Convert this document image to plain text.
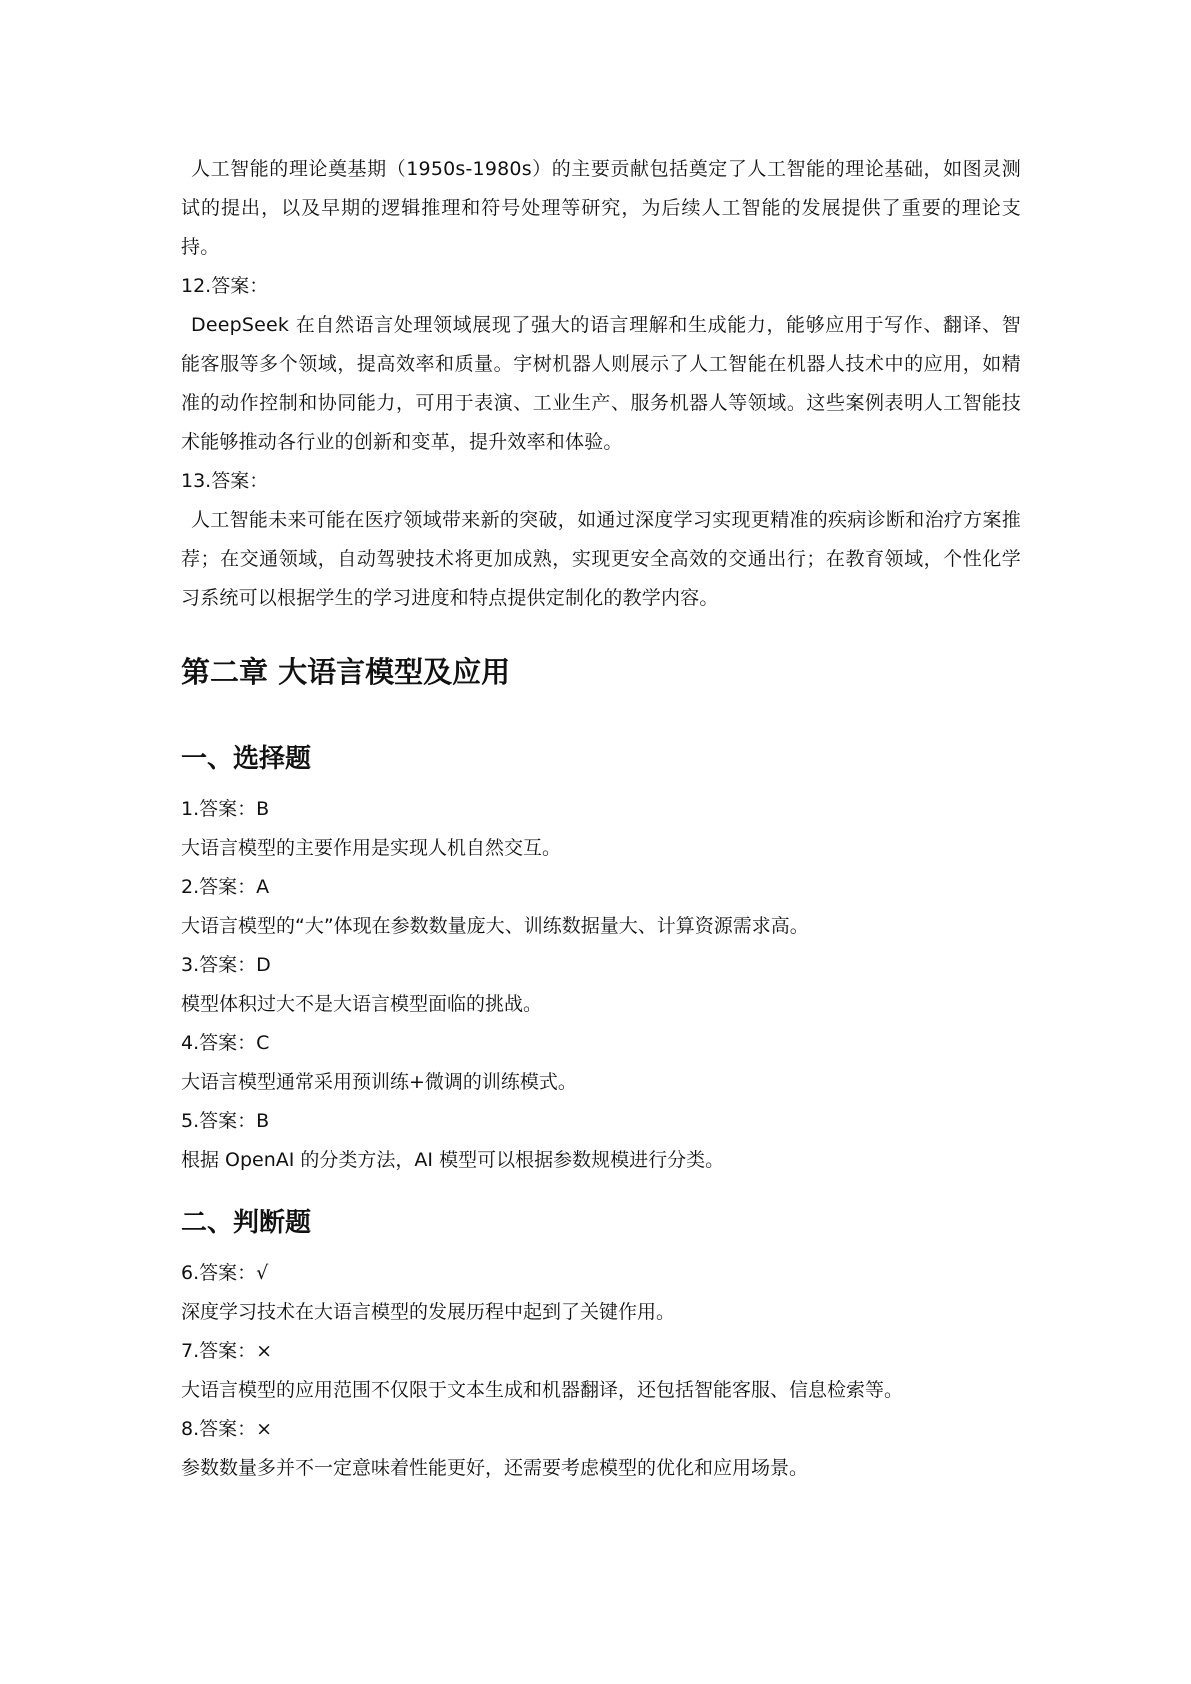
人工智能的理论奠基期（1950s-1980s）的主要贡献包括奠定了人工智能的理论基础，如图灵测试的提出，以及早期的逻辑推理和符号处理等研究，为后续人工智能的发展提供了重要的理论支持。

12.答案：

DeepSeek 在自然语言处理领域展现了强大的语言理解和生成能力，能够应用于写作、翻译、智能客服等多个领域，提高效率和质量。宇树机器人则展示了人工智能在机器人技术中的应用，如精准的动作控制和协同能力，可用于表演、工业生产、服务机器人等领域。这些案例表明人工智能技术能够推动各行业的创新和变革，提升效率和体验。

13.答案：

人工智能未来可能在医疗领域带来新的突破，如通过深度学习实现更精准的疾病诊断和治疗方案推荐；在交通领域，自动驾驶技术将更加成熟，实现更安全高效的交通出行；在教育领域，个性化学习系统可以根据学生的学习进度和特点提供定制化的教学内容。

第二章 大语言模型及应用
一、选择题

1.答案：B

大语言模型的主要作用是实现人机自然交互。

2.答案：A

大语言模型的“大”体现在参数数量庞大、训练数据量大、计算资源需求高。

3.答案：D

模型体积过大不是大语言模型面临的挑战。

4.答案：C

大语言模型通常采用预训练+微调的训练模式。

5.答案：B

根据 OpenAI 的分类方法，AI 模型可以根据参数规模进行分类。

二、判断题

6.答案：√

深度学习技术在大语言模型的发展历程中起到了关键作用。

7.答案：×

大语言模型的应用范围不仅限于文本生成和机器翻译，还包括智能客服、信息检索等。

8.答案：×

参数数量多并不一定意味着性能更好，还需要考虑模型的优化和应用场景。
